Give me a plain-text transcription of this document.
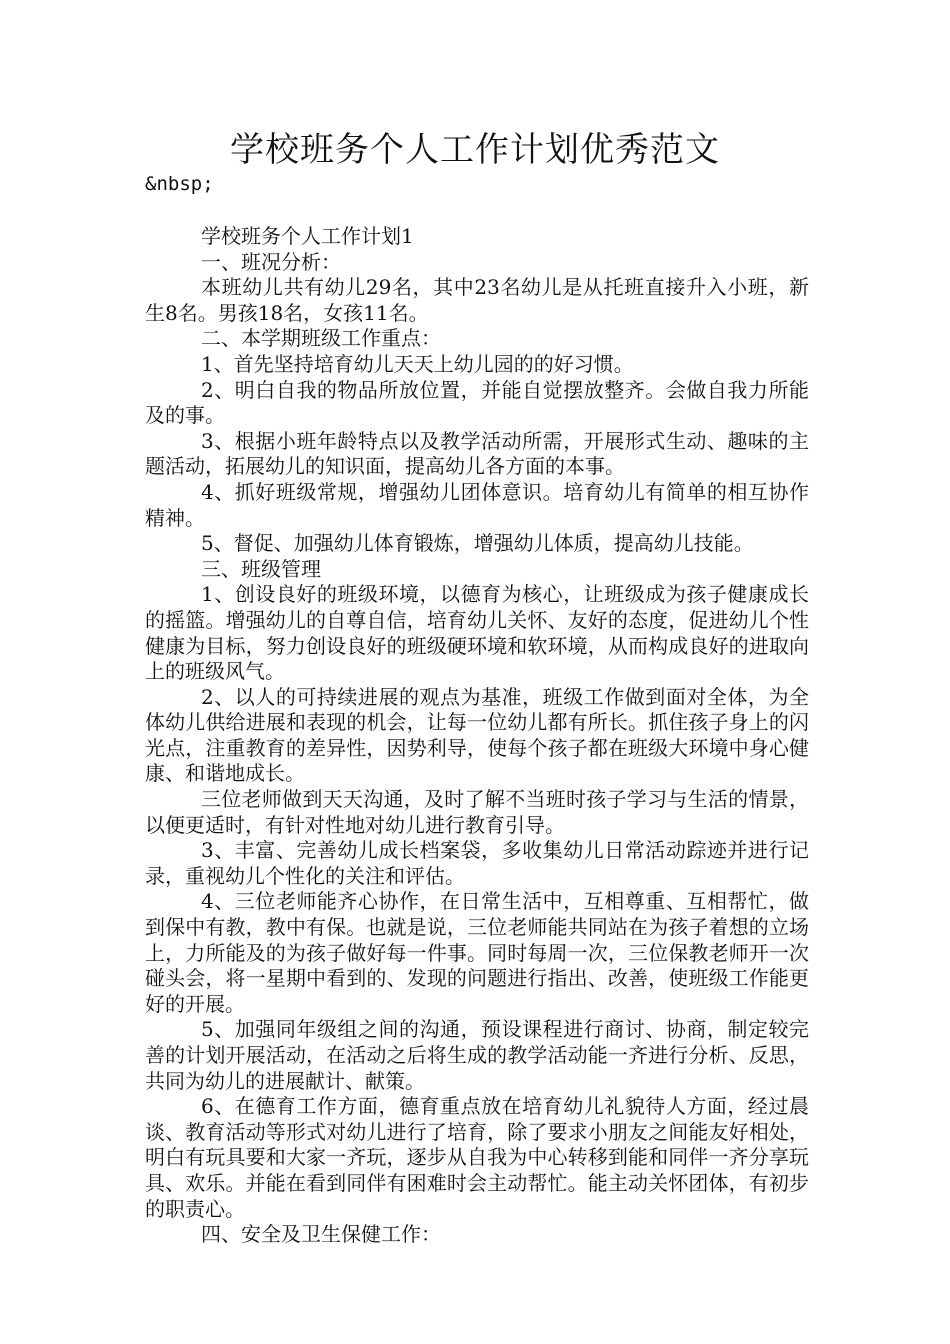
学校班务个人工作计划优秀范文
&nbsp;

学校班务个人工作计划1

一、班况分析：

本班幼儿共有幼儿29名，其中23名幼儿是从托班直接升入小班，新生8名。男孩18名，女孩11名。

二、本学期班级工作重点：

1、首先坚持培育幼儿天天上幼儿园的的好习惯。

2、明白自我的物品所放位置，并能自觉摆放整齐。会做自我力所能及的事。

3、根据小班年龄特点以及教学活动所需，开展形式生动、趣味的主题活动，拓展幼儿的知识面，提高幼儿各方面的本事。

4、抓好班级常规，增强幼儿团体意识。培育幼儿有简单的相互协作精神。

5、督促、加强幼儿体育锻炼，增强幼儿体质，提高幼儿技能。

三、班级管理

1、创设良好的班级环境，以德育为核心，让班级成为孩子健康成长的摇篮。增强幼儿的自尊自信，培育幼儿关怀、友好的态度，促进幼儿个性健康为目标，努力创设良好的班级硬环境和软环境，从而构成良好的进取向上的班级风气。

2、以人的可持续进展的观点为基准，班级工作做到面对全体，为全体幼儿供给进展和表现的机会，让每一位幼儿都有所长。抓住孩子身上的闪光点，注重教育的差异性，因势利导，使每个孩子都在班级大环境中身心健康、和谐地成长。

三位老师做到天天沟通，及时了解不当班时孩子学习与生活的情景，以便更适时，有针对性地对幼儿进行教育引导。

3、丰富、完善幼儿成长档案袋，多收集幼儿日常活动踪迹并进行记录，重视幼儿个性化的关注和评估。

4、三位老师能齐心协作，在日常生活中，互相尊重、互相帮忙，做到保中有教，教中有保。也就是说，三位老师能共同站在为孩子着想的立场上，力所能及的为孩子做好每一件事。同时每周一次，三位保教老师开一次碰头会，将一星期中看到的、发现的问题进行指出、改善，使班级工作能更好的开展。

5、加强同年级组之间的沟通，预设课程进行商讨、协商，制定较完善的计划开展活动，在活动之后将生成的教学活动能一齐进行分析、反思，共同为幼儿的进展献计、献策。

6、在德育工作方面，德育重点放在培育幼儿礼貌待人方面，经过晨谈、教育活动等形式对幼儿进行了培育，除了要求小朋友之间能友好相处，明白有玩具要和大家一齐玩，逐步从自我为中心转移到能和同伴一齐分享玩具、欢乐。并能在看到同伴有困难时会主动帮忙。能主动关怀团体，有初步的职责心。

四、安全及卫生保健工作：
